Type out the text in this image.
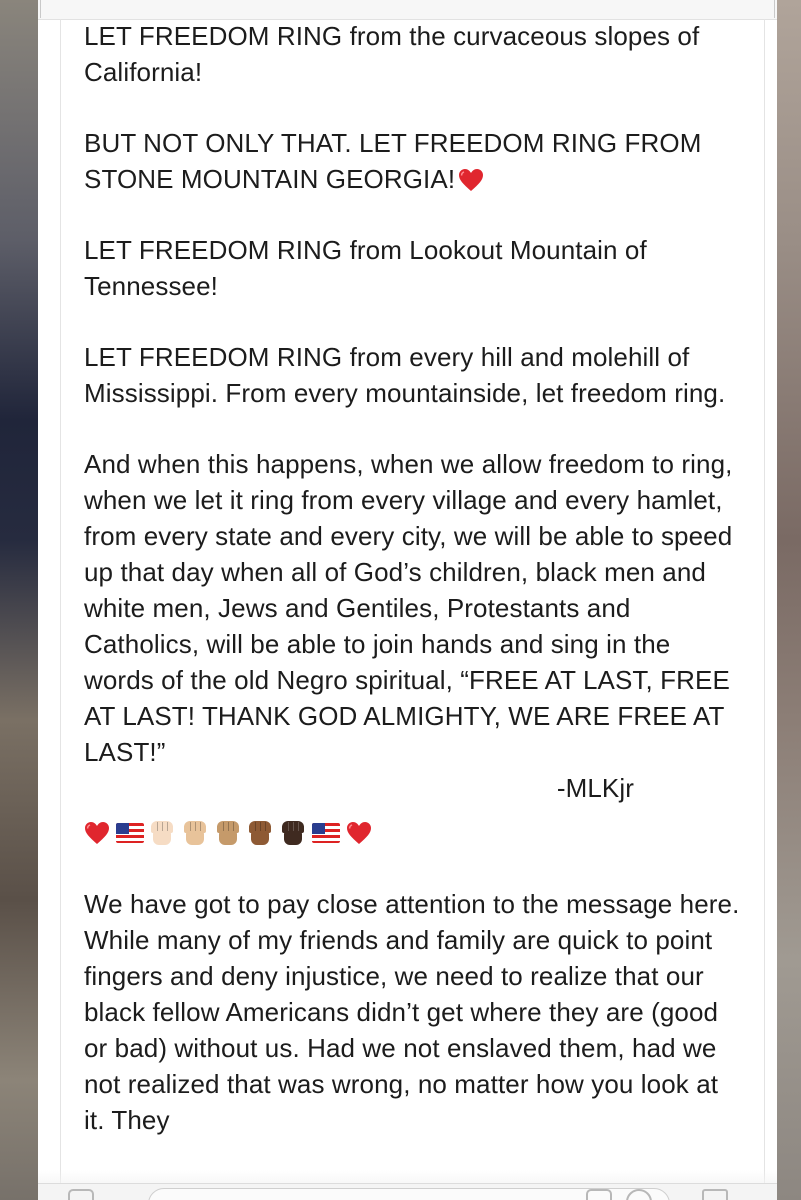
LET FREEDOM RING from the curvaceous slopes of California!

BUT NOT ONLY THAT. LET FREEDOM RING FROM STONE MOUNTAIN GEORGIA!

LET FREEDOM RING from Lookout Mountain of Tennessee!

LET FREEDOM RING from every hill and molehill of Mississippi. From every mountainside, let freedom ring.

And when this happens, when we allow freedom to ring, when we let it ring from every village and every hamlet, from every state and every city, we will be able to speed up that day when all of God’s children, black men and white men, Jews and Gentiles, Protestants and Catholics, will be able to join hands and sing in the words of the old Negro spiritual, “FREE AT LAST, FREE AT LAST! THANK GOD ALMIGHTY, WE ARE FREE AT LAST!”

-MLKjr

We have got to pay close attention to the message here. While many of my friends and family are quick to point fingers and deny injustice, we need to realize that our black fellow Americans didn’t get where they are (good or bad) without us. Had we not enslaved them, had we not realized that was wrong, no matter how you look at it. They
